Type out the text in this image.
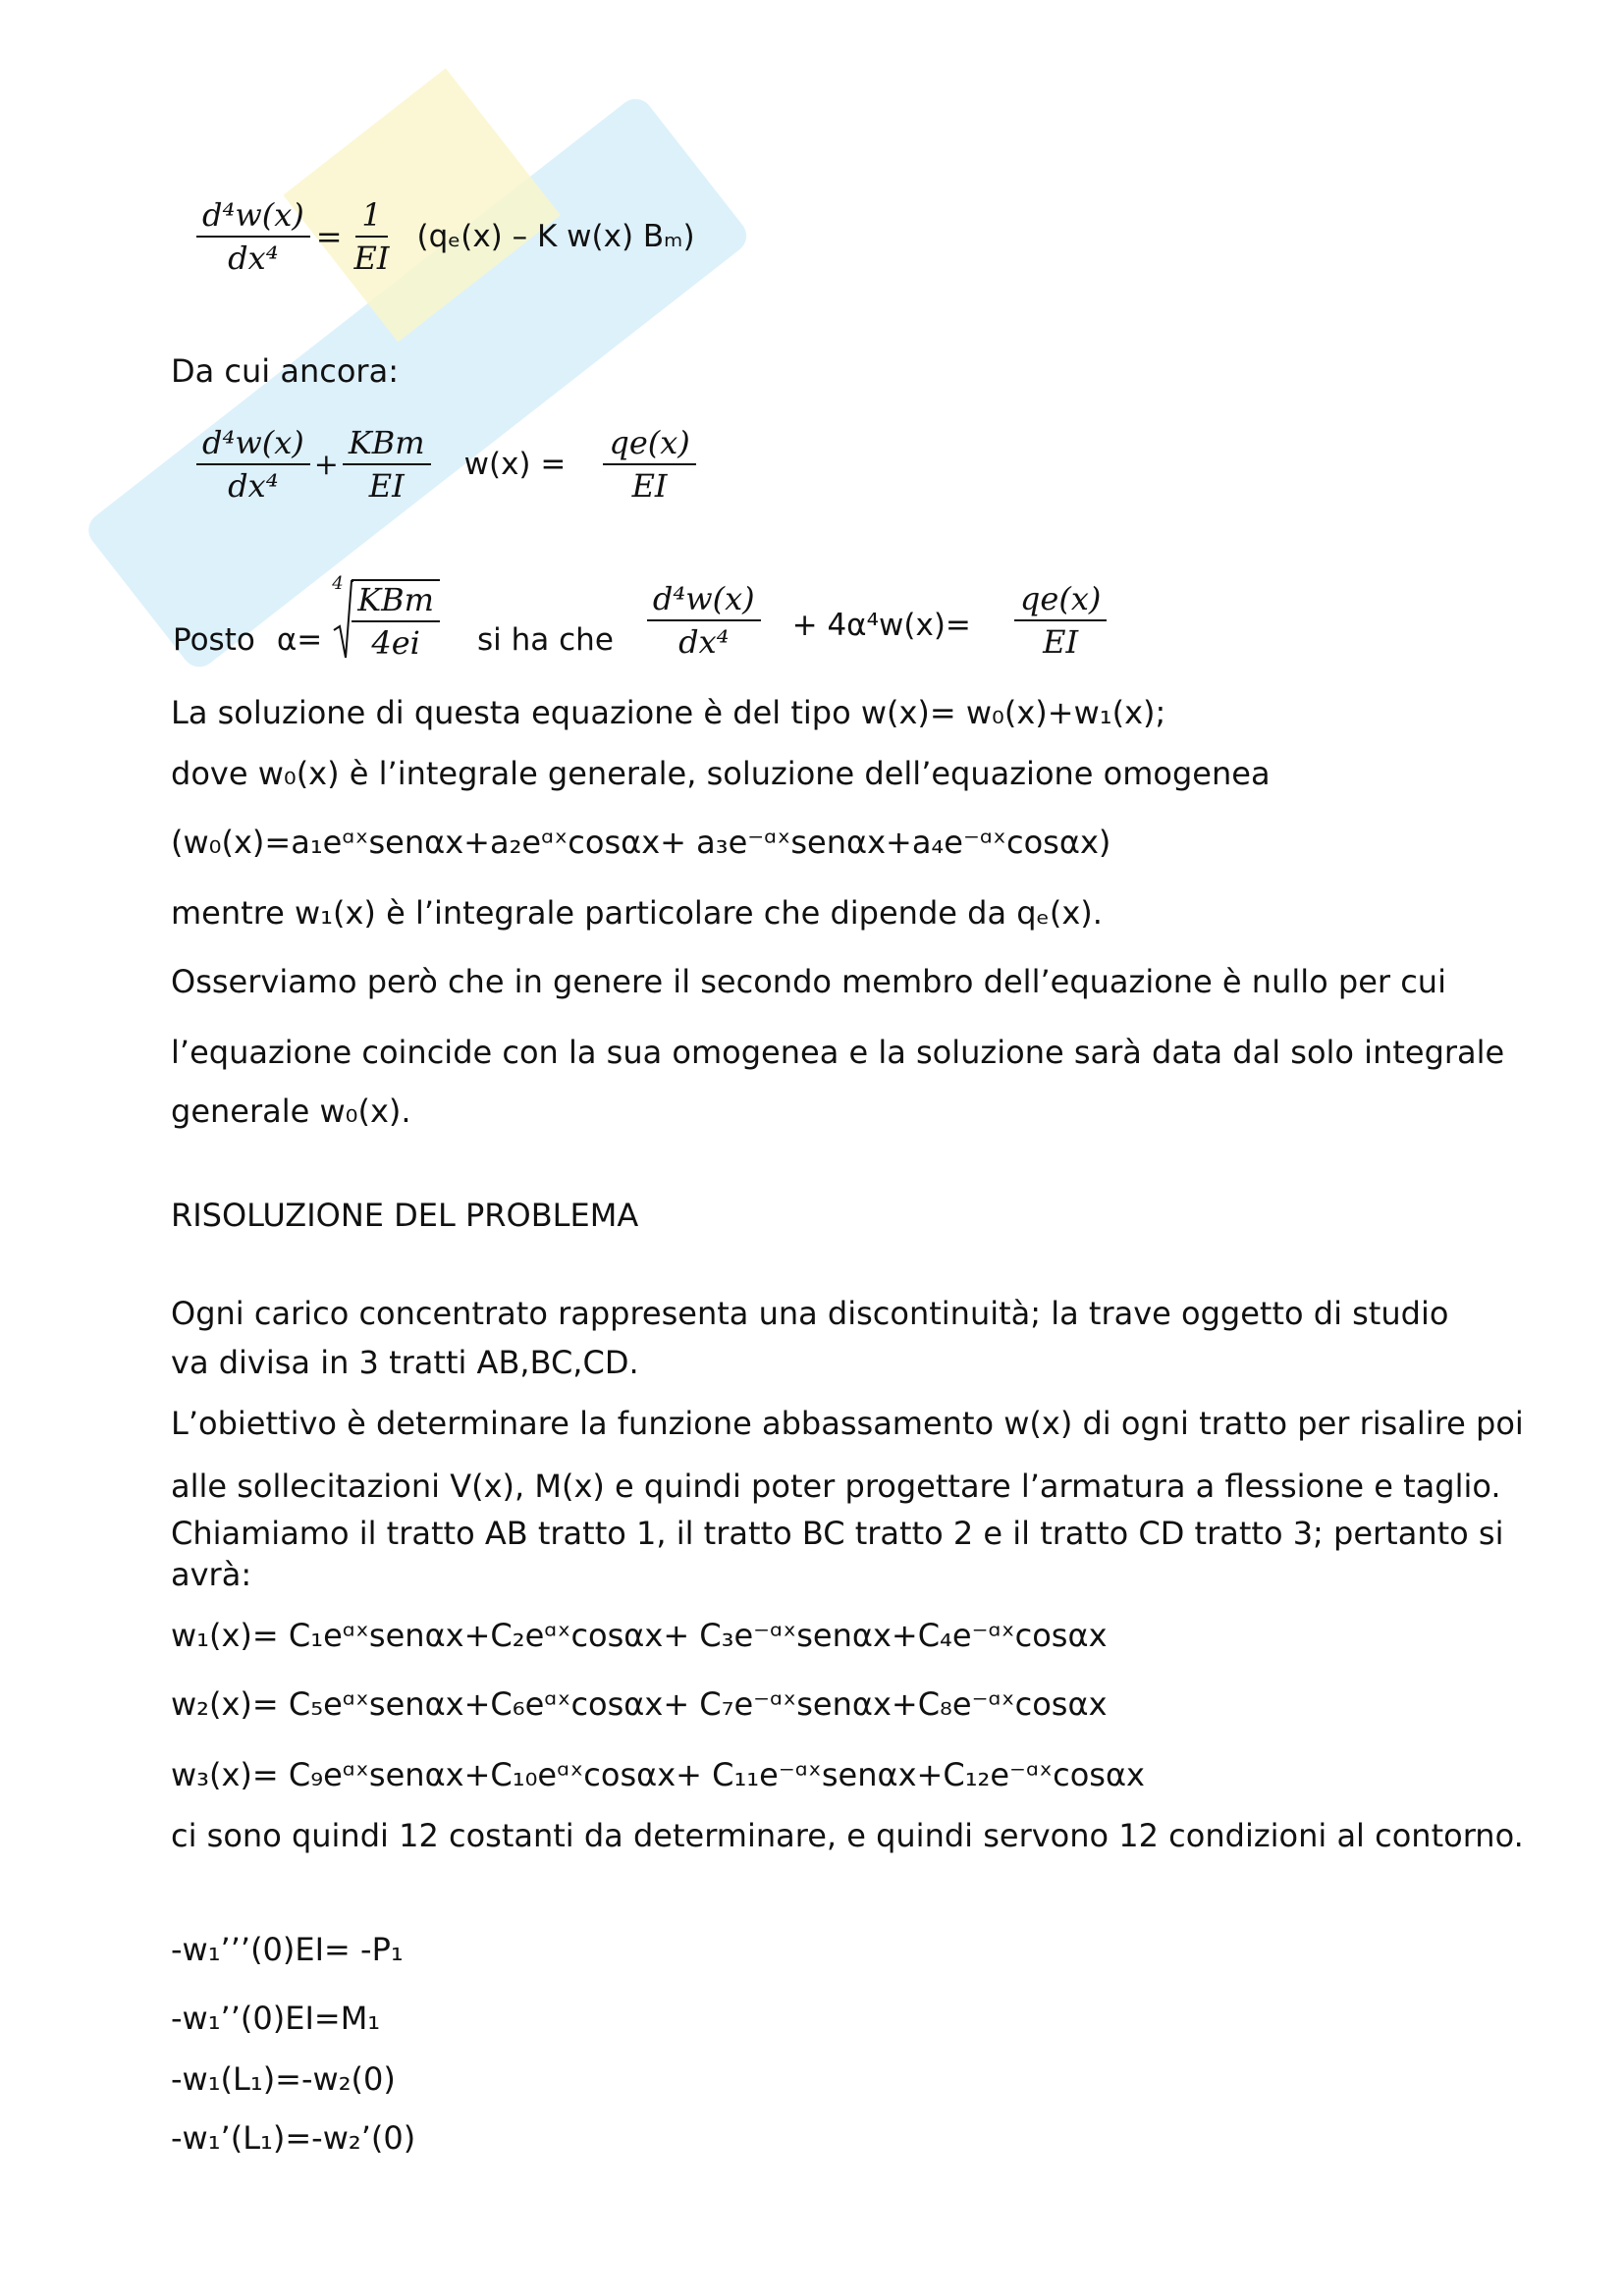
$\frac{\text{d⁴w(x)}}{\text{dx⁴}} = \frac{1}{EI} (q_e(x) - K$ w(x) Bₘ)
Da cui ancora:
$\frac{\text{d⁴w(x)}}{\text{dx⁴}} + \frac{\text{KBm}}{EI} w(x) = \frac{qe(x)}{EI}$
Posto α=
$4 \frac{\text{KBm}}{4ei}$ si ha che $\frac{\text{d⁴w(x)}}{\text{dx⁴}} + 4\alpha^4w(x)= \frac{qe(x)}{EI}$
La soluzione di questa equazione è del tipo w(x)= w₀(x)+w₁(x);
dove w₀(x) è l’integrale generale, soluzione dell’equazione omogenea
(w₀(x)=a₁eᵅˣsenαx+a₂eᵅˣcosαx+ a₃e⁻ᵅˣsenαx+a₄e⁻ᵅˣcosαx)
mentre w₁(x) è l’integrale particolare che dipende da qₑ(x).
Osserviamo però che in genere il secondo membro dell’equazione è nullo per cui
l’equazione coincide con la sua omogenea e la soluzione sarà data dal solo integrale
generale w₀(x).
RISOLUZIONE DEL PROBLEMA
Ogni carico concentrato rappresenta una discontinuità; la trave oggetto di studio
va divisa in 3 tratti AB,BC,CD.
L’obiettivo è determinare la funzione abbassamento w(x) di ogni tratto per risalire poi
alle sollecitazioni V(x), M(x) e quindi poter progettare l’armatura a flessione e taglio.
Chiamiamo il tratto AB tratto 1, il tratto BC tratto 2 e il tratto CD tratto 3; pertanto si
avrà:
w₁(x)= C₁eᵅˣsenαx+C₂eᵅˣcosαx+ C₃e⁻ᵅˣsenαx+C₄e⁻ᵅˣcosαx
w₂(x)= C₅eᵅˣsenαx+C₆eᵅˣcosαx+ C₇e⁻ᵅˣsenαx+C₈e⁻ᵅˣcosαx
w₃(x)= C₉eᵅˣsenαx+C₁₀eᵅˣcosαx+ C₁₁e⁻ᵅˣsenαx+C₁₂e⁻ᵅˣcosαx
ci sono quindi 12 costanti da determinare, e quindi servono 12 condizioni al contorno.
-w₁’’’(0)EI= -P₁
-w₁’’(0)EI=M₁
-w₁(L₁)=-w₂(0)
-w₁’(L₁)=-w₂’(0)
